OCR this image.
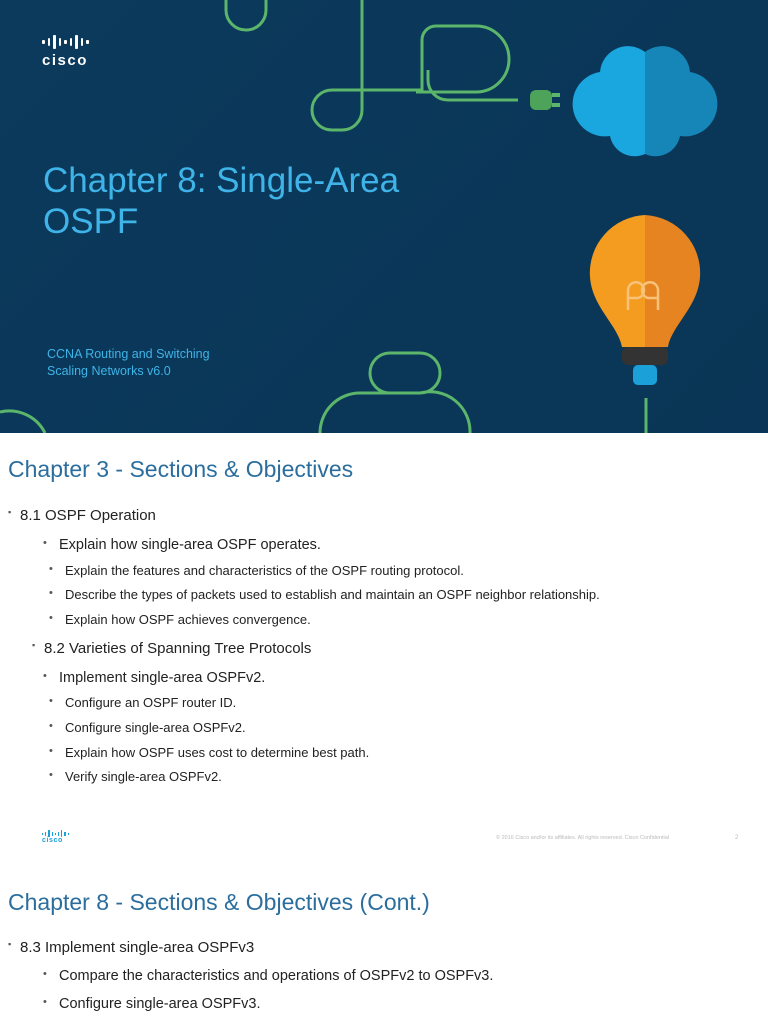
cisco
Chapter 8: Single-Area OSPF
CCNA Routing and Switching
Scaling Networks v6.0
Chapter 3 - Sections & Objectives
▪ 8.1 OSPF Operation
• Explain how single-area OSPF operates.
• Explain the features and characteristics of the OSPF routing protocol.
• Describe the types of packets used to establish and maintain an OSPF neighbor relationship.
• Explain how OSPF achieves convergence.
▪ 8.2 Varieties of Spanning Tree Protocols
• Implement single-area OSPFv2.
• Configure an OSPF router ID.
• Configure single-area OSPFv2.
• Explain how OSPF uses cost to determine best path.
• Verify single-area OSPFv2.
cisco	© 2016 Cisco and/or its affiliates. All rights reserved. Cisco Confidential	2
Chapter 8 - Sections & Objectives (Cont.)
▪ 8.3 Implement single-area OSPFv3
• Compare the characteristics and operations of OSPFv2 to OSPFv3.
• Configure single-area OSPFv3.
